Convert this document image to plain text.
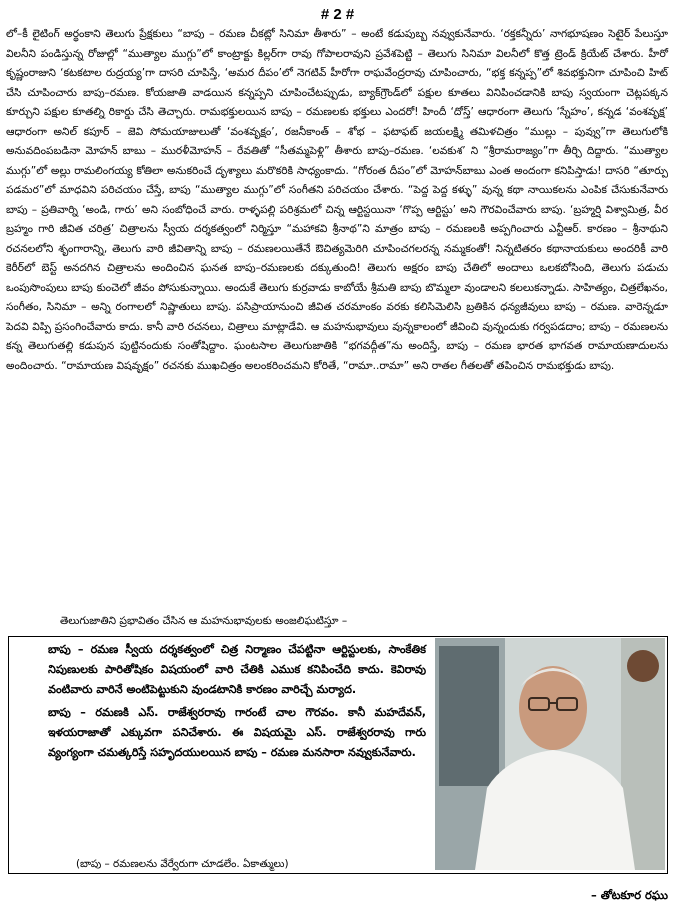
# 2 #
లో–కీ లైటింగ్ అర్థంకాని తెలుగు ప్రేక్షకులు “బాపు – రమణ చీకట్లో సినిమా తీశారు” – అంటే కడుపుబ్బ నవ్వుకునేవారు. ‘రక్తకన్నీరు’ నాగభూషణం సెటైర్ పేలుస్తూ విలనీని పండిస్తున్న రోజుల్లో “ముత్యాల ముగ్గు”లో కాంట్రాక్టు కిల్లర్‌గా రావు గోపాలరావుని ప్రవేశపెట్టి – తెలుగు సినిమా విలనీలో కొత్త ట్రెండ్ క్రియేట్ చేశారు. హీరో కృష్ణంరాజుని ‘కటకటాల రుద్రయ్య’గా దాసరి చూపిస్తే, ‘అమర దీపం’లో నెగటివ్ హీరోగా రాఘవేంద్రరావు చూపించారు, “భక్త కన్నప్ప”లో శివభక్తునిగా చూపించి హిట్ చేసి చూపించారు బాపు–రమణ. కోయజాతి వాడయిన కన్నప్పని చూపించేటప్పుడు, బ్యాక్‌గ్రౌండ్‌లో పక్షుల కూతలు వినిపించడానికి బాపు స్వయంగా చెట్లపక్కన కూర్చుని పక్షుల కూతల్ని రికార్డు చేసి తెచ్చారు. రామభక్తులయిన బాపు – రమణలకు భక్తులు ఎందరో! హిందీ ‘దోస్త్’ ఆధారంగా తెలుగు ‘స్నేహం’, కన్నడ ‘వంశవృక్ష’ ఆధారంగా అనిల్ కపూర్ – జెవి సోమయాజులుతో ‘వంశవృక్షం’, రజనీకాంత్ – శోభ – ఫటాఫట్ జయలక్ష్మి తమిళచిత్రం “ముల్లు – పువ్వు”గా తెలుగులోకి అనువదింపబడినా మోహన్ బాబు – మురళీమోహన్ – రేవతితో “సీతమ్మపెళ్లి” తీశారు బాపు–రమణ. ‘లవకుశ’ ని “శ్రీరామరాజ్యం”గా తీర్చి దిద్దారు. “ముత్యాల ముగ్గు”లో అల్లు రామలింగయ్య కోతిలా అనుకరించే దృశ్యాలు మరొకరికి సాధ్యంకాదు. “గోరంత దీపం”లో మోహన్‌బాబు ఎంత అందంగా కనిపిస్తాడు! దాసరి “తూర్పు పడమర”లో మాధవిని పరిచయం చేస్తే, బాపు “ముత్యాల ముగ్గు”లో సంగీతని పరిచయం చేశారు. “పెద్ద పెద్ద కళ్ళు” వున్న కథా నాయికలను ఎంపిక చేసుకునేవారు బాపు – ప్రతివార్ని ‘అండి, గారు’ అని సంబోధించే వారు. రాళ్ళపల్లి పరిశ్రమలో చిన్న ఆర్టిస్టయినా ‘గొప్ప ఆర్టిస్టు’ అని గౌరవించేవారు బాపు. ‘బ్రహ్మర్షి విశ్వామిత్ర, వీర బ్రహ్మం గారి జీవిత చరిత్ర’ చిత్రాలను స్వీయ దర్శకత్వంలో నిర్మిస్తూ “మహాకవి శ్రీనాథ”ని మాత్రం బాపు – రమణలకి అప్పగించారు ఎన్టీఆర్. కారణం – శ్రీనాథుని రచనలలోని శృంగారాన్ని, తెలుగు వారి జీవితాన్ని బాపు – రమణలయితేనే ఔచిత్యమెరిగి చూపించగలరన్న నమ్మకంతో! నిన్నటితరం కథానాయకులు అందరికీ వారి కెరీర్‌లో బెస్ట్ అనదగిన చిత్రాలను అందించిన ఘనత బాపు–రమణలకు దక్కుతుంది! తెలుగు అక్షరం బాపు చేతిలో అందాలు ఒలకబోసింది, తెలుగు పడుచు ఒంపుసొంపులు బాపు కుంచెలో జీవం పోసుకున్నాయి. అందుకే తెలుగు కుర్రవాడు కాబోయే శ్రీమతి బాపు బొమ్మలా వుండాలని కలలుకన్నాడు. సాహిత్యం, చిత్రలేఖనం, సంగీతం, సినిమా – అన్ని రంగాలలో నిష్ణాతులు బాపు. పసిప్రాయానుంచి జీవిత చరమాంకం వరకు కలిసిమెలిసి బ్రతికిన ధన్యజీవులు బాపు – రమణ. వారెన్నడూ పెదవి విప్పి ప్రసంగించేవారు కాదు. కానీ వారి రచనలు, చిత్రాలు మాట్లాడేవి. ఆ మహనుభావులు వున్నకాలంలో జీవించి వున్నందుకు గర్వపడదాం; బాపు – రమణలను కన్న తెలుగుతల్లి కడుపున పుట్టినందుకు సంతోషిద్దాం. ఘంటసాల తెలుగుజాతికి “భగవద్గీత”ను అందిస్తే, బాపు – రమణ భారత భాగవత రామాయణాదులను అందించారు. “రామాయణ విషవృక్షం” రచనకు ముఖచిత్రం అలంకరించమని కోరితే, “రామా..రామా” అని రాతల గీతలతో తపించిన రామభక్తుడు బాపు.
తెలుగుజాతిని ప్రభావితం చేసిన ఆ మహనుభావులకు అంజలిఘటిస్తూ –

బాపు – రమణ స్వీయ దర్శకత్వంలో చిత్ర నిర్మాణం చేపట్టినా ఆర్టిస్టులకు, సాంకేతిక నిపుణులకు పారితోషికం విషయంలో వారి చేతికి ఎముక కనిపించేది కాదు. కెవిరావు వంటివారు వారినే అంటిపెట్టుకుని వుండటానికి కారణం వారిచ్చే మర్యాద.

బాపు – రమణకి ఎస్. రాజేశ్వరరావు గారంటే చాల గౌరవం. కానీ మహదేవన్, ఇళయరాజాతో ఎక్కువగా పనిచేశారు. ఈ విషయమై ఎస్. రాజేశ్వరరావు గారు వ్యంగ్యంగా చమత్కరిస్తే సహృదయులయిన బాపు – రమణ మనసారా నవ్వుకునేవారు.

(బాపు – రమణలను వేర్వేరుగా చూడలేం. ఏకాత్ములు)
– తోటకూర రఘు
